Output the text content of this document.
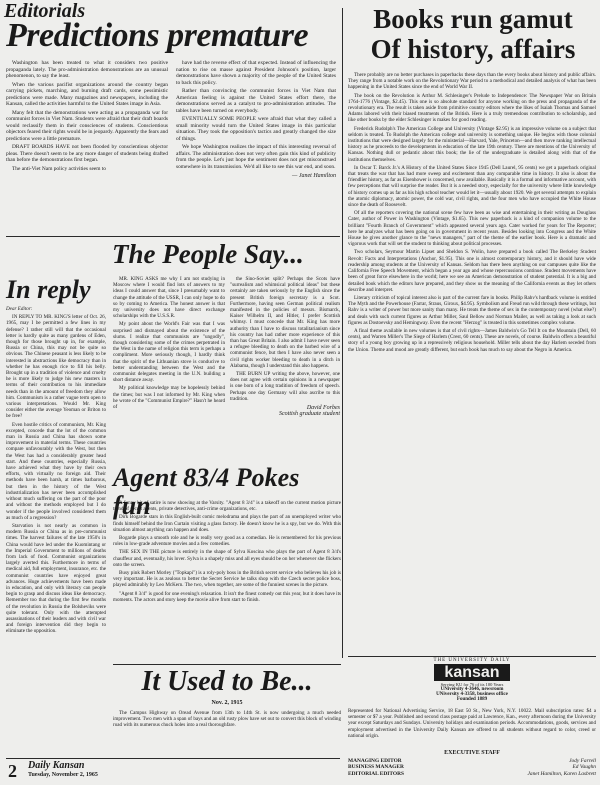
Editorials
Predictions premature

Washington has been treated to what it considers two positive propaganda lately. The pro-administration demonstrations are an unusual phenomenon, to say the least.

When the various pacifist organizations around the country began carrying pickets, marching, and burning draft cards, some pessimistic predictions were made. Many magazines and newspapers, including the Kansan, called the activities harmful to the United States image in Asia.

Many felt that the demonstrations were acting as a propaganda war for communist forces in Viet Nam. Students were afraid that their draft boards would reclassify them in their consciences of students. Conscientious objectors feared their rights would be in jeopardy. Apparently the fears and predictions were a little premature.

DRAFT BOARDS HAVE not been flooded by conscientious objector pleas. There doesn't seem to be any more danger of students being drafted than before the demonstrations first began.

The anti-Viet Nam policy activities seem to

have had the reverse effect of that expected. Instead of influencing the nation to rise on masse against President Johnson's position, larger demonstrations have shown a majority of the people of the United States to back this policy.

Rather than convincing the communist forces in Viet Nam that American feeling is against the United States effort there, the demonstrations served as a catalyst to pro-administration attitudes. The tables have been turned on everybody.

EVENTUALLY SOME PEOPLE were afraid that what they called a small minority would turn the United States image in this particular situation. They took the opposition's tactics and greatly changed the size of things.

We hope Washington realizes the impact of this interesting reversal of affairs. The administration does not very often gain this kind of publicity from the people. Let's just hope the sentiment does not get misconstrued somewhere in its transmission. We'd all like to see this war end, and soon.

— Janet Hamilton
Books run gamut
Of history, affairs

There probably are no better purchases in paperbacks these days than the every books about history and public affairs. They range from a notable work on the Revolutionary War period to a methodical and detailed analysis of what has been happening in the United States since the end of World War II.

The book on the Revolution is Arthur M. Schlesinger's Prelude to Independence: The Newspaper War on Britain 1764-1776 (Vintage, $2.45). This one is so absolute standard for anyone working on the press and propaganda of the revolutionary era. The result is taken aside from primitive country editors where the likes of Isaiah Thomas and Samuel Adams labored with their biased treatments of the British. Here is a truly tremendous contribution to scholarship, and like other books by the elder Schlesinger is makes for good reading.

Frederick Rudolph's The American College and University (Vintage $2.95) is an impressive volume on a subject that seldom is treated. To Rudolph the American college and university is something unique. He begins with those colonial institutions that were designed largely for the ministerial—Harvard, Yale, Princeton—and then move ranking intellectual history as he proceeds to the developments in education of the late 19th century. There are mentions of the University of Kansas. Nothing dull or pedantic about this book; the lie of the undergraduate is detailed along with that of the institutions themselves.

In Oscar T. Barck Jr.'s A History of the United States Since 1945 (Dell Laurel, 95 cents) we get a paperback original that treats the war that has had more sweep and excitement than any comparable time in history. It also is about the friendlier history, as far as Eisenhower is concerned, now available. Basically it is a formal and informative account, with few perceptions that will surprise the reader. But it is a needed story, especially for the university where little knowledge of history comes up as far as his high school teacher would let it—usually about 1920. We get several attempts to explain the atomic diplomacy, atomic power, the cold war, civil rights, and the four men who have occupied the White House since the death of Roosevelt.

Of all the reporters covering the national scene few have been as wise and entertaining in their writing as Douglass Cater, author of Power in Washington (Vintage, $1.65). This new paperback is a kind of companion volume to the brilliant "Fourth Branch of Government" which appeared several years ago. Cater worked for years for The Reporter; here he analyzes what has been going on in government in recent years. Besides looking into Congress and the White House he gives another glance to the "news managers," part of the theme of the earlier book. Here is a dramatic and vigorous work that will set the student to thinking about political processes.

Two scholars, Seymour Martin Lipset and Sheldon S. Wolin, have prepared a book called The Berkeley Student Revolt: Facts and Interpretations (Anchor, $1.95). This one is almost contemporary history, and it should have wide readership among students at the University of Kansas. Seldom has there been anything on our campuses quite like the California Free Speech Movement, which began a year ago and whose repercussions continue. Student movements have been of great force elsewhere in the world; here we see an American demonstration of student potential. It is a big and detailed book which the editors have prepared, and they show us the meaning of the California events as they let others describe and interpret.

Literary criticism of topical interest also is part of the current fare in books. Philip Rahv's hardback volume is entitled The Myth and the Powerhouse (Farrar, Straus, Giroux, $4.95). Symbolism and Freud run wild through these writings, but Rahv is a writer of power but more sanity than many. He treats the theme of sex in the contemporary novel (what else?) and deals with such current figures as Arthur Miller, Saul Bellow and Norman Mailer, as well as taking a look at such figures as Dostoevsky and Hemingway. Even the recent "Herzog" is treated in this sometimes complex volume.

A final theme available in new volumes is that of civil rights—James Baldwin's Go Tell It on the Mountain (Dell, 60 cents), and Warren Miller's The Siege of Harlem (Crest, 60 cents). These are novels, of course. Baldwin offers a beautiful story of a young boy growing up in a repressively religious household. Miller tells about the day Harlem seceded from the Union. Theme and mood are greatly different, but each book has much to say about the Negro in America.

The People Say...
In reply

Dear Editor:

IN REPLY TO MR. KING'S letter of Oct. 26, 1965, may I be permitted a few lines in my defense? I rather still will that the occasional letter is hardly quite as many gardens of Eden, though for those brought up in, for example, Russia or China, this may not be quite so obvious. The Chinese peasant is less likely to be interested in abstractions like democracy than in whether he has enough rice to fill his belly. Brought up in a tradition of violence and cruelty he is more likely to judge his new masters in terms of their contribution to his immediate needs than in the amount of freedom they allow him. Communism is a rather vague term open to various interpretations. Would Mr. King consider either the average Yeoman or Briton to be free?

Even hostile critics of communism, Mr. King excepted, concede that the lot of the common man in Russia and China has shown some improvement in material terms. These countries compare unfavourably with the West, but then the West has had a considerably greater head start. And these countries, especially Russia, have achieved what they have by their own efforts, with virtually no foreign aid. Their methods have been harsh, at times barbarous, but then in the history of the West industrialization has never been accomplished without much suffering on the part of the poor and without the methods employed but I do wonder if the people involved considered them as much of a regression?

Starvation is not nearly as common in modern Russia or China as in pre-communist times. The harvest failures of the late 1950's in China would have led under the Kuomintang or the Imperial Government to millions of deaths from lack of food. Communist organizations largely averted this. Furthermore in terms of medical aid, full employment, insurance, etc. the communist countries have enjoyed great advances. Huge achievements have been made in education, and only with literacy can people begin to grasp and discuss ideas like democracy. Remember too that during the first few months of the revolution in Russia the Bolsheviks were quite tolerant. Only with the attempted assassinations of their leaders and with civil war and foreign intervention did they begin to eliminate the opposition.

MR. KING ASKS me why I am not studying in Moscow where I would find lots of answers to my ideas I could answer that, since I presumably want to change the attitude of the USSR, I can only hope to do so by coming to America. The honest answer is that my university does not have direct exchange scholarships with the U.S.S.R.

My point about the World's Fair was that I was surprised and dismayed about the existence of the slums. I realize that communists are "ungodly", though considering some of the crimes perpetrated in the West in the name of religion this term is perhaps a compliment. More seriously though, I hardly think that the spirit of the Lithuanian stove is conducive to better understanding between the West and the communist delegates meeting in the U.N. building a short distance away.

My political knowledge may be hopelessly behind the times; but was I not informed by Mr. King when he wrote of the "Communist Empire?" Hasn't he heard of

the Sino-Soviet split? Perhaps the Scots have "surrealism and whimsical political ideas" but these certainly are taken seriously by the English since the present British foreign secretary is a Scot. Furthermore, having seen German political realism manifested in the policies of messrs. Bismarck, Kaiser Wilhelm II, and Hitler, I prefer Scottish whimsy. I must concede that Mr. King has more authority than I have to discuss totalitarianism since his country has had rather more experience of this than has Great Britain. I also admit I have never seen a refugee bleeding to death on the barbed wire of a communist fence, but then I have also never seen a civil rights worker bleeding to death in a ditch in Alabama, though I understand this also happens.

THE BURN UP writing the above, however, one does not agree with certain opinions in a newspaper is one born of a long tradition of freedom of speech. Perhaps one day Germany will also ascribe to this tradition.

David Forbes
Scottish graduate student
Agent 83/4 Pokes fun

A funny bit of satire is now showing at the Varsity. "Agent 8 3/4" is a takeoff on the current motion picture trend of secret agents, private detectives, anti-crime organizations, etc.

Dirk Bogarde stars in this English-built comic melodrama and plays the part of an unemployed writer who finds himself behind the Iron Curtain visiting a glass factory. He doesn't know he is a spy, but we do. With this situation almost anything can happen and does.

Bogarde plays a smooth role and he is really very good as a comedian. He is remembered for his previous roles in low-grade adventure movies and a few comedies.

THE SEX IN THE picture is entirely in the shape of Sylva Koscina who plays the part of Agent 8 3/4's chauffeur and, eventually, his lover. Sylva is a shapely miss and all eyes should be on her whenever she flickers onto the screen.

Busy pink Robert Morley ("Topkapi") is a roly-poly boss in the British secret service who believes his job is very important. He is as zealous to better the Secret Service he talks shop with the Czech secret police boss, played admirably by Leo McKern. The two, when together, are some of the funniest scenes in the picture.

"Agent 8 3/4" is good for one evening's relaxation. It isn't the finest comedy out this year, but it does have its moments. The actors and story keep the movie alive from start to finish.

It Used to Be...
Nov. 2, 1915

The Campus Highway on Oread Avenue from 13th to 14th St. is now undergoing a much needed improvement. Two men with a span of bays and an old rusty plow have set out to convert this block of winding road with its numerous chuck holes into a real thoroughfare.

2	Daily Kansan
Tuesday, November 2, 1965
THE UNIVERSITY DAILY
kansan
Serving KU for 76 of its 100 Years
UNiversity 4-3646, newsroom
UNiversity 4-3358, business office
Founded 1889

Represented for National Advertising Service, 18 East 50 St., New York, N.Y. 10022. Mail subscription rates: $4 a semester or $7 a year. Published and second class postage paid at Lawrence, Kan., every afternoon during the University year except Saturdays and Sundays. University holidays and examination periods. Accommodations, goods, services and employment advertised in the University Daily Kansan are offered to all students without regard to color, creed or national origin.

EXECUTIVE STAFF
MANAGING EDITOR	Jody Farrell
BUSINESS MANAGER	Ed Vaughn
EDITORIAL EDITORS	Janet Hamilton, Karen Lasbrett
